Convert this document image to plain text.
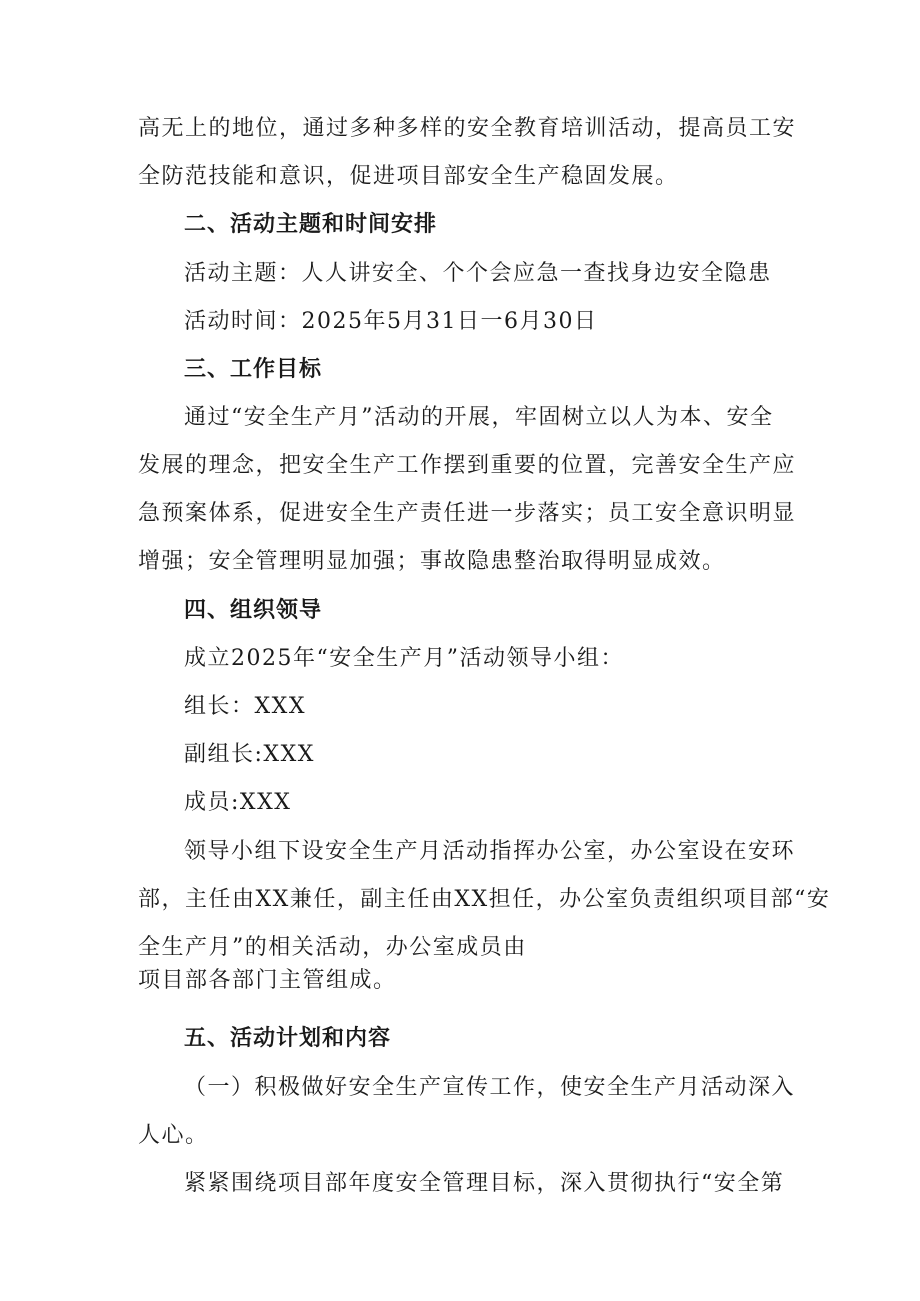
高无上的地位，通过多种多样的安全教育培训活动，提高员工安
全防范技能和意识，促进项目部安全生产稳固发展。
二、活动主题和时间安排
活动主题：人人讲安全、个个会应急一查找身边安全隐患
活动时间：2025年5月31日一6月30日
三、工作目标
通过“安全生产月”活动的开展，牢固树立以人为本、安全
发展的理念，把安全生产工作摆到重要的位置，完善安全生产应
急预案体系，促进安全生产责任进一步落实；员工安全意识明显
增强；安全管理明显加强；事故隐患整治取得明显成效。
四、组织领导
成立2025年“安全生产月”活动领导小组：
组长：XXX
副组长:XXX
成员:XXX
领导小组下设安全生产月活动指挥办公室，办公室设在安环
部，主任由XX兼任，副主任由XX担任，办公室负责组织项目部“安
全生产月”的相关活动，办公室成员由
项目部各部门主管组成。
五、活动计划和内容
（一）积极做好安全生产宣传工作，使安全生产月活动深入
人心。
紧紧围绕项目部年度安全管理目标，深入贯彻执行“安全第
